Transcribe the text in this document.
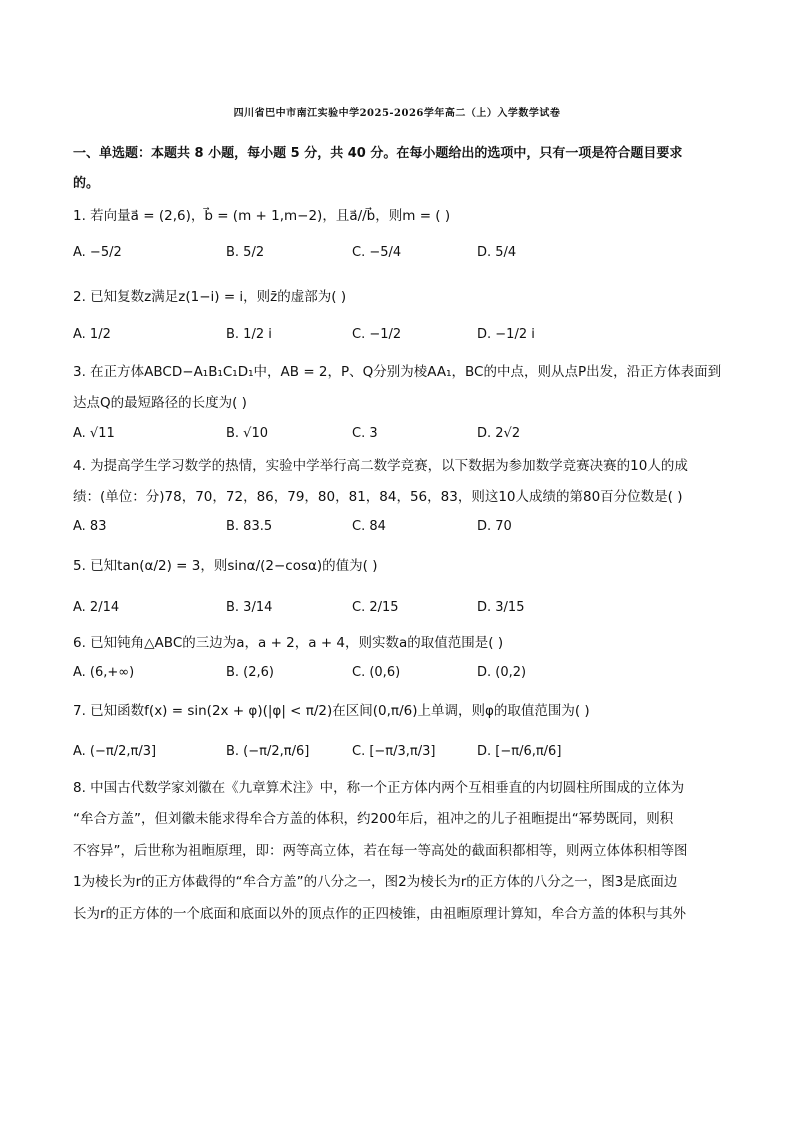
四川省巴中市南江实验中学2025-2026学年高二（上）入学数学试卷
一、单选题：本题共 8 小题，每小题 5 分，共 40 分。在每小题给出的选项中，只有一项是符合题目要求
的。
1. 若向量a⃗ = (2,6)，b⃗ = (m + 1,m−2)，且a⃗//b⃗，则m = ( )
A. −5/2	B. 5/2	C. −5/4	D. 5/4
2. 已知复数z满足z(1−i) = i，则z̄的虚部为( )
A. 1/2	B. 1/2 i	C. −1/2	D. −1/2 i
3. 在正方体ABCD−A₁B₁C₁D₁中，AB = 2，P、Q分别为棱AA₁，BC的中点，则从点P出发，沿正方体表面到
达点Q的最短路径的长度为( )
A. √11	B. √10	C. 3	D. 2√2
4. 为提高学生学习数学的热情，实验中学举行高二数学竞赛，以下数据为参加数学竞赛决赛的10人的成
绩：(单位：分)78，70，72，86，79，80，81，84，56，83，则这10人成绩的第80百分位数是( )
A. 83	B. 83.5	C. 84	D. 70
5. 已知tan(α/2) = 3，则sinα/(2−cosα)的值为( )
A. 2/14	B. 3/14	C. 2/15	D. 3/15
6. 已知钝角△ABC的三边为a，a + 2，a + 4，则实数a的取值范围是( )
A. (6,+∞)	B. (2,6)	C. (0,6)	D. (0,2)
7. 已知函数f(x) = sin(2x + φ)(|φ| < π/2)在区间(0,π/6)上单调，则φ的取值范围为( )
A. (−π/2,π/3]	B. (−π/2,π/6]	C. [−π/3,π/3]	D. [−π/6,π/6]
8. 中国古代数学家刘徽在《九章算术注》中，称一个正方体内两个互相垂直的内切圆柱所围成的立体为
“牟合方盖”，但刘徽未能求得牟合方盖的体积，约200年后，祖冲之的儿子祖暅提出“幂势既同，则积
不容异”，后世称为祖暅原理，即：两等高立体，若在每一等高处的截面积都相等，则两立体体积相等图
1为棱长为r的正方体截得的“牟合方盖”的八分之一，图2为棱长为r的正方体的八分之一，图3是底面边
长为r的正方体的一个底面和底面以外的顶点作的正四棱锥，由祖暅原理计算知，牟合方盖的体积与其外
